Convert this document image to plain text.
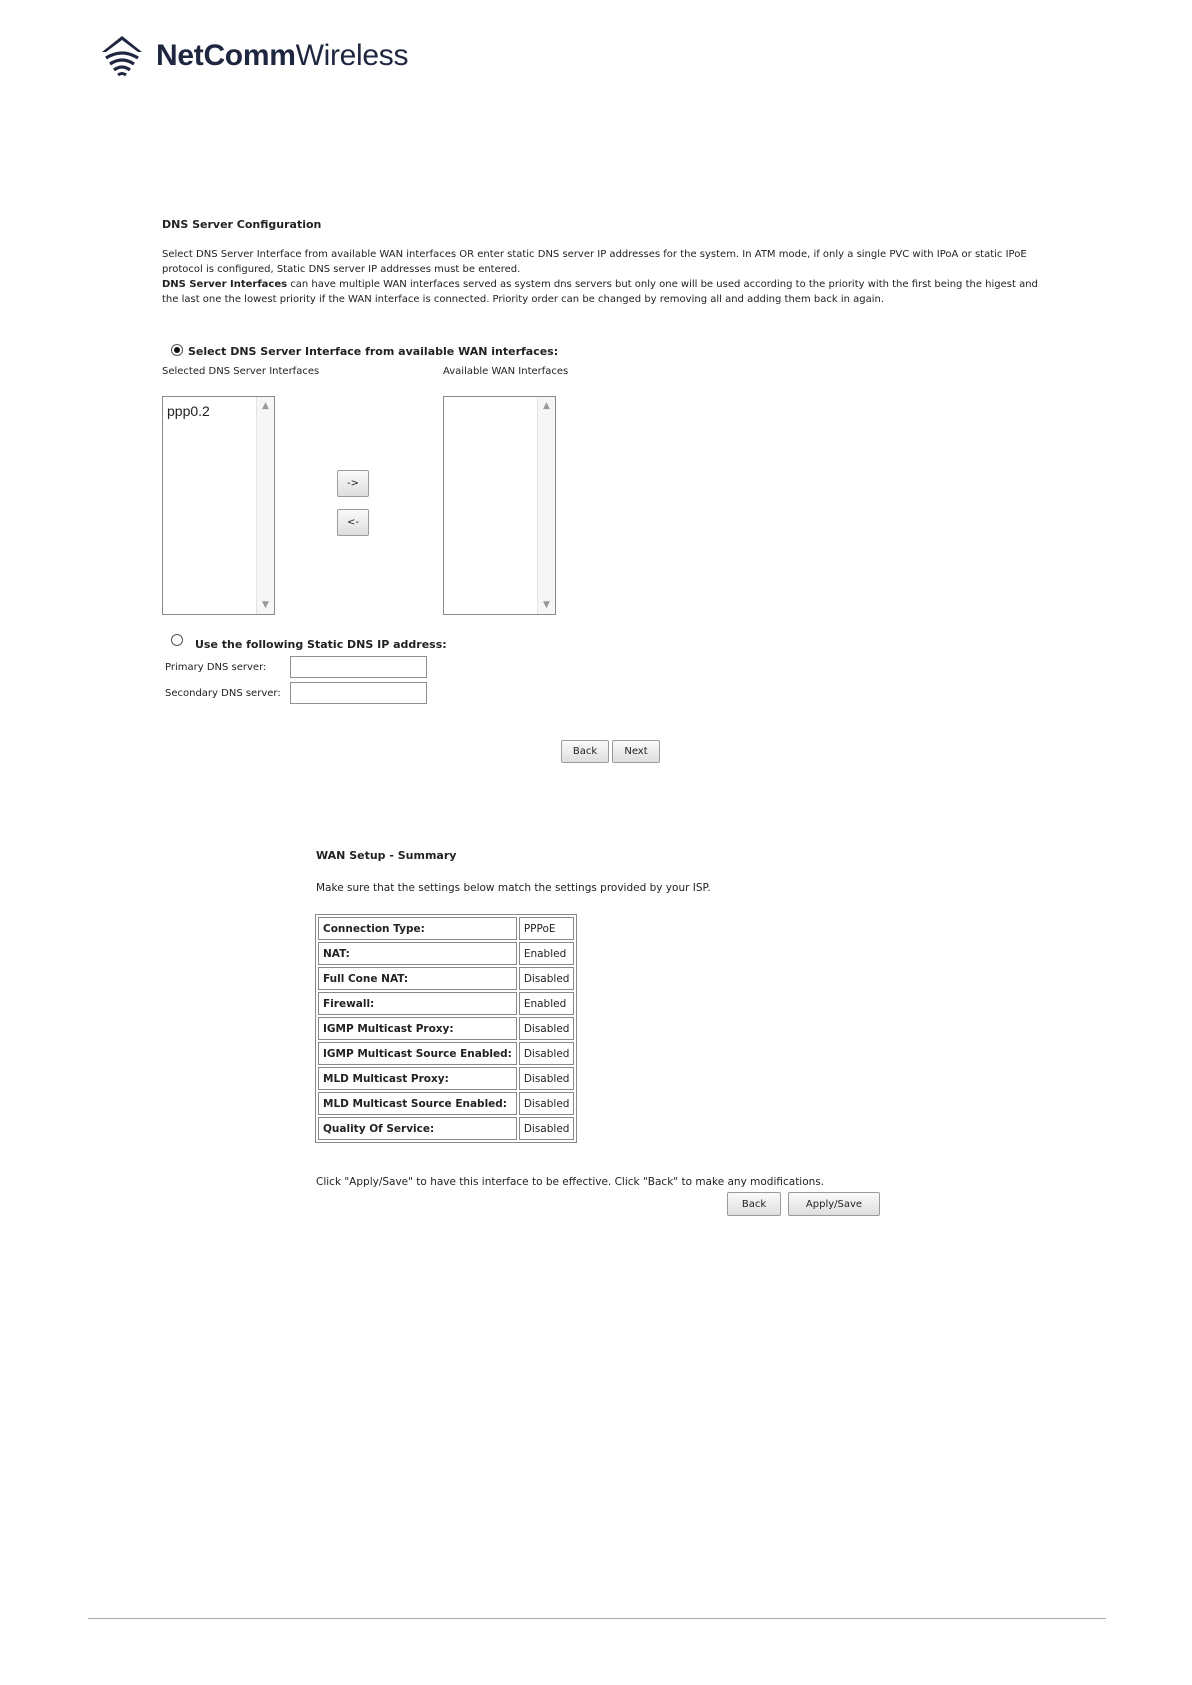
NetCommWireless
DNS Server Configuration
Select DNS Server Interface from available WAN interfaces OR enter static DNS server IP addresses for the system. In ATM mode, if only a single PVC with IPoA or static IPoE protocol is configured, Static DNS server IP addresses must be entered.
DNS Server Interfaces can have multiple WAN interfaces served as system dns servers but only one will be used according to the priority with the first being the higest and the last one the lowest priority if the WAN interface is connected. Priority order can be changed by removing all and adding them back in again.
Select DNS Server Interface from available WAN interfaces:
Selected DNS Server Interfaces	Available WAN Interfaces
ppp0.2	▲
▼
->
<-
▲
▼
Use the following Static DNS IP address:
Primary DNS server:
Secondary DNS server:
Back	Next
WAN Setup - Summary
Make sure that the settings below match the settings provided by your ISP.
Connection Type:	PPPoE
NAT:	Enabled
Full Cone NAT:	Disabled
Firewall:	Enabled
IGMP Multicast Proxy:	Disabled
IGMP Multicast Source Enabled:	Disabled
MLD Multicast Proxy:	Disabled
MLD Multicast Source Enabled:	Disabled
Quality Of Service:	Disabled
Click "Apply/Save" to have this interface to be effective. Click "Back" to make any modifications.
Back	Apply/Save
